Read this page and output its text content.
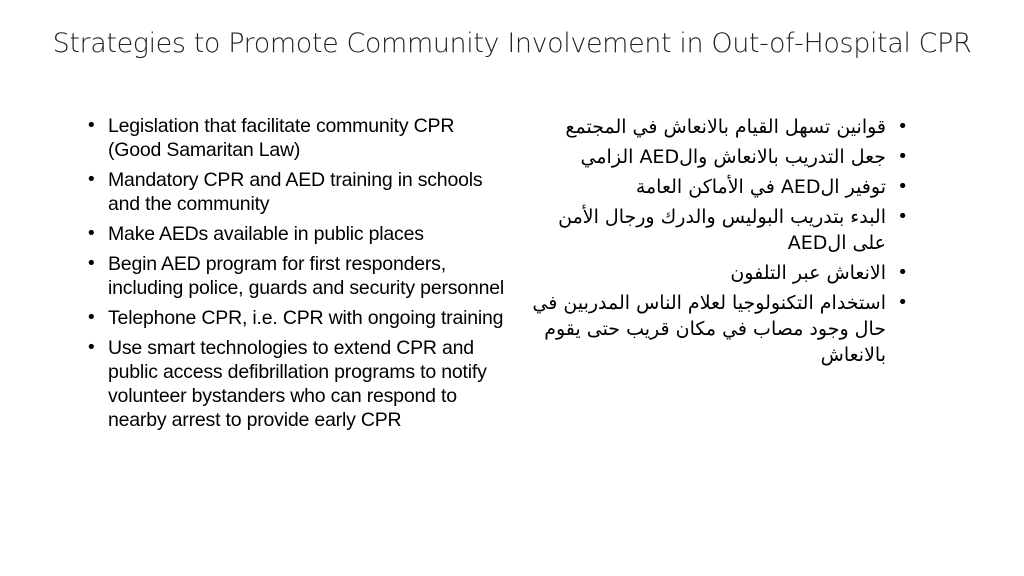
Strategies to Promote Community Involvement in Out-of-Hospital CPR
• Legislation that facilitate community CPR (Good Samaritan Law)
• Mandatory CPR and AED training in schools and the community
• Make AEDs available in public places
• Begin AED program for first responders, including police, guards and security personnel
• Telephone CPR, i.e. CPR with ongoing training
• Use smart technologies to extend CPR and public access defibrillation programs to notify volunteer bystanders who can respond to nearby arrest to provide early CPR
•
قوانين تسهل القيام بالانعاش في المجتمع
•
جعل التدريب بالانعاش والAED الزامي
•
توفير الAED في الأماكن العامة
•
البدء بتدريب البوليس والدرك ورجال الأمن على الAED
•
الانعاش عبر التلفون
•
استخدام التكنولوجيا لعلام الناس المدربين في حال وجود مصاب في مكان قريب حتى يقوم بالانعاش
